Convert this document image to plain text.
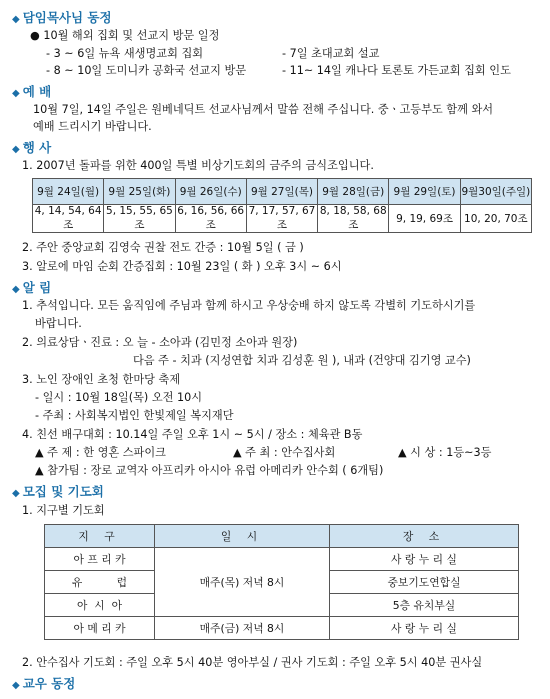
◆ 담임목사님 동정
● 10월 해외 집회 및 선교지 방문 일정
- 3 ~ 6일 뉴욕 새생명교회 집회	- 7일 초대교회 설교
- 8 ~ 10일 도미니카 공화국 선교지 방문	- 11~ 14일 캐나다 토론토 가든교회 집회 인도
◆ 예 배
10월 7일, 14일 주일은 원베네딕트 선교사님께서 말씀 전해 주십니다. 중ㆍ고등부도 함께 와서
예배 드리시기 바랍니다.
◆ 행 사
1. 2007년 돌파를 위한 400일 특별 비상기도회의 금주의 금식조입니다.
9월 24일(월)	9월 25일(화)	9월 26일(수)	9월 27일(목)	9월 28일(금)	9월 29일(토)	9월30일(주일)
4, 14, 54, 64조	5, 15, 55, 65조	6, 16, 56, 66조	7, 17, 57, 67조	8, 18, 58, 68조	9, 19, 69조	10, 20, 70조
2. 주안 중앙교회 김영숙 권찰 전도 간증 : 10월 5일 ( 금 )
3. 알로에 마임 순회 간증집회 : 10월 23일 ( 화 ) 오후 3시 ~ 6시
◆ 알 림
1. 추석입니다. 모든 움직임에 주님과 함께 하시고 우상숭배 하지 않도록 각별히 기도하시기를
바랍니다.
2. 의료상담ㆍ진료 : 오 늘 - 소아과 (김민정 소아과 원장)
다음 주 - 치과 (지성연합 치과 김성훈 원 ), 내과 (건양대 김기영 교수)
3. 노인 장애인 초청 한마당 축제
- 일시 : 10월 18일(목) 오전 10시
- 주최 : 사회복지법인 한빛제일 복지재단
4. 친선 배구대회 : 10.14일 주일 오후 1시 ~ 5시 / 장소 : 체육관 B동
▲ 주 제 : 한 영혼 스파이크	▲ 주 최 : 안수집사회	▲ 시 상 : 1등~3등
▲ 참가팀 : 장로 교역자 아프리카 아시아 유럽 아메리카 안수회 ( 6개팀)
◆ 모집 및 기도회
1. 지구별 기도회
지 구	일 시	장 소
아 프 리 카	매주(목) 저녁 8시	사 랑 누 리 실
유          럽		중보기도연합실
아  시  아		5층 유치부실
아 메 리 카	매주(금) 저녁 8시	사 랑 누 리 실
2. 안수집사 기도회 : 주일 오후 5시 40분 영아부실 / 권사 기도회 : 주일 오후 5시 40분 권사실
◆ 교우 동정
